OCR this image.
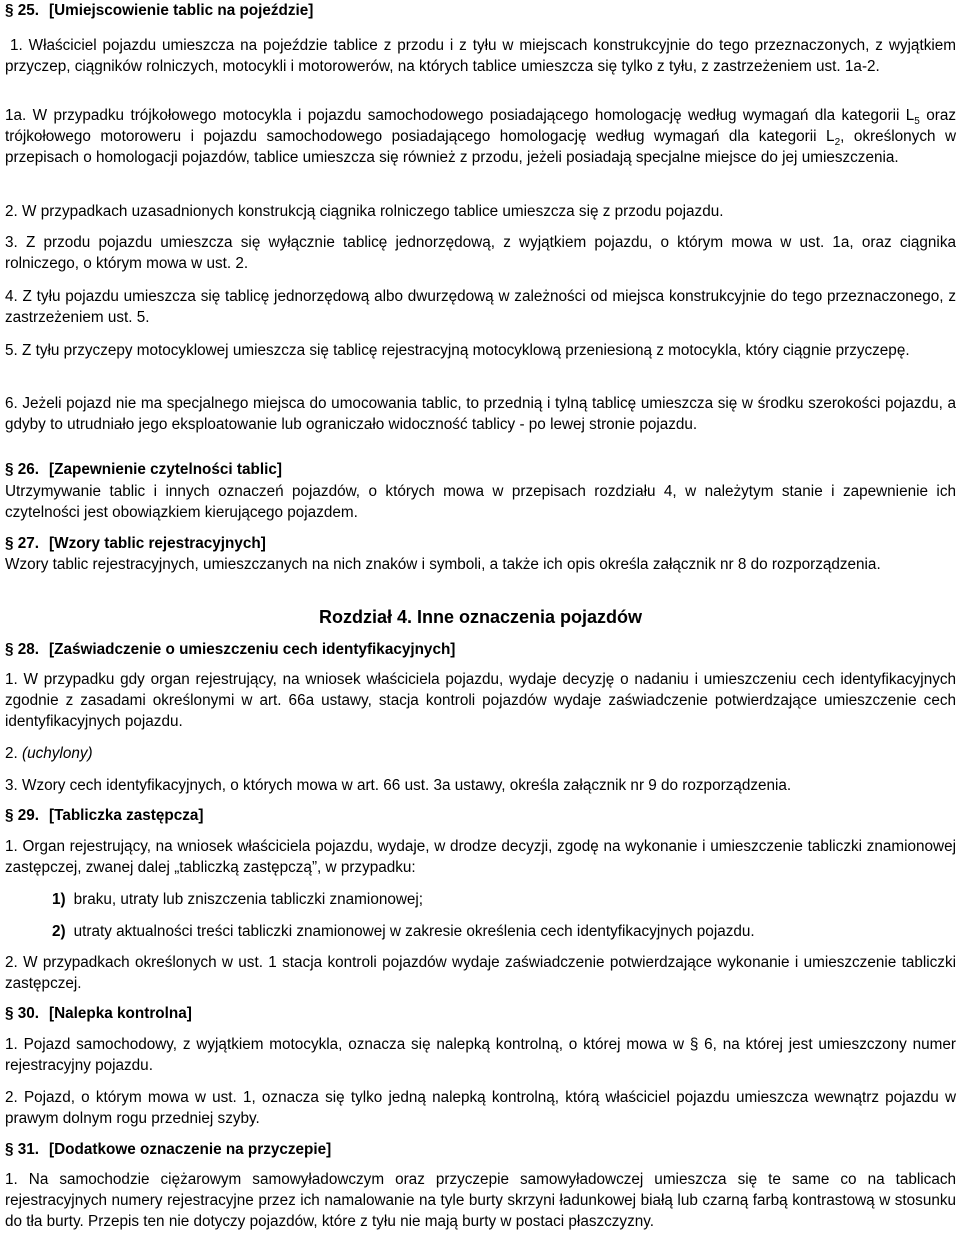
§ 25. [Umiejscowienie tablic na pojeździe]

1. Właściciel pojazdu umieszcza na pojeździe tablice z przodu i z tyłu w miejscach konstrukcyjnie do tego przeznaczonych, z wyjątkiem przyczep, ciągników rolniczych, motocykli i motorowerów, na których tablice umieszcza się tylko z tyłu, z zastrzeżeniem ust. 1a-2.

1a. W przypadku trójkołowego motocykla i pojazdu samochodowego posiadającego homologację według wymagań dla kategorii $L_5$ oraz trójkołowego motoroweru i pojazdu samochodowego posiadającego homologację według wymagań dla kategorii $L_2$, określonych w przepisach o homologacji pojazdów, tablice umieszcza się również z przodu, jeżeli posiadają specjalne miejsce do jej umieszczenia.

2. W przypadkach uzasadnionych konstrukcją ciągnika rolniczego tablice umieszcza się z przodu pojazdu.

3. Z przodu pojazdu umieszcza się wyłącznie tablicę jednorzędową, z wyjątkiem pojazdu, o którym mowa w ust. 1a, oraz ciągnika rolniczego, o którym mowa w ust. 2.

4. Z tyłu pojazdu umieszcza się tablicę jednorzędową albo dwurzędową w zależności od miejsca konstrukcyjnie do tego przeznaczonego, z zastrzeżeniem ust. 5.

5. Z tyłu przyczepy motocyklowej umieszcza się tablicę rejestracyjną motocyklową przeniesioną z motocykla, który ciągnie przyczepę.

6. Jeżeli pojazd nie ma specjalnego miejsca do umocowania tablic, to przednią i tylną tablicę umieszcza się w środku szerokości pojazdu, a gdyby to utrudniało jego eksploatowanie lub ograniczało widoczność tablicy - po lewej stronie pojazdu.

§ 26. [Zapewnienie czytelności tablic]

Utrzymywanie tablic i innych oznaczeń pojazdów, o których mowa w przepisach rozdziału 4, w należytym stanie i zapewnienie ich czytelności jest obowiązkiem kierującego pojazdem.

§ 27. [Wzory tablic rejestracyjnych]

Wzory tablic rejestracyjnych, umieszczanych na nich znaków i symboli, a także ich opis określa załącznik nr 8 do rozporządzenia.

Rozdział 4. Inne oznaczenia pojazdów
§ 28. [Zaświadczenie o umieszczeniu cech identyfikacyjnych]

1. W przypadku gdy organ rejestrujący, na wniosek właściciela pojazdu, wydaje decyzję o nadaniu i umieszczeniu cech identyfikacyjnych zgodnie z zasadami określonymi w art. 66a ustawy, stacja kontroli pojazdów wydaje zaświadczenie potwierdzające umieszczenie cech identyfikacyjnych pojazdu.

2. (uchylony)

3. Wzory cech identyfikacyjnych, o których mowa w art. 66 ust. 3a ustawy, określa załącznik nr 9 do rozporządzenia.

§ 29. [Tabliczka zastępcza]

1. Organ rejestrujący, na wniosek właściciela pojazdu, wydaje, w drodze decyzji, zgodę na wykonanie i umieszczenie tabliczki znamionowej zastępczej, zwanej dalej „tabliczką zastępczą”, w przypadku:

1) braku, utraty lub zniszczenia tabliczki znamionowej;
2) utraty aktualności treści tabliczki znamionowej w zakresie określenia cech identyfikacyjnych pojazdu.

2. W przypadkach określonych w ust. 1 stacja kontroli pojazdów wydaje zaświadczenie potwierdzające wykonanie i umieszczenie tabliczki zastępczej.

§ 30. [Nalepka kontrolna]

1. Pojazd samochodowy, z wyjątkiem motocykla, oznacza się nalepką kontrolną, o której mowa w § 6, na której jest umieszczony numer rejestracyjny pojazdu.

2. Pojazd, o którym mowa w ust. 1, oznacza się tylko jedną nalepką kontrolną, którą właściciel pojazdu umieszcza wewnątrz pojazdu w prawym dolnym rogu przedniej szyby.

§ 31. [Dodatkowe oznaczenie na przyczepie]

1. Na samochodzie ciężarowym samowyładowczym oraz przyczepie samowyładowczej umieszcza się te same co na tablicach rejestracyjnych numery rejestracyjne przez ich namalowanie na tyle burty skrzyni ładunkowej białą lub czarną farbą kontrastową w stosunku do tła burty. Przepis ten nie dotyczy pojazdów, które z tyłu nie mają burty w postaci płaszczyzny.
